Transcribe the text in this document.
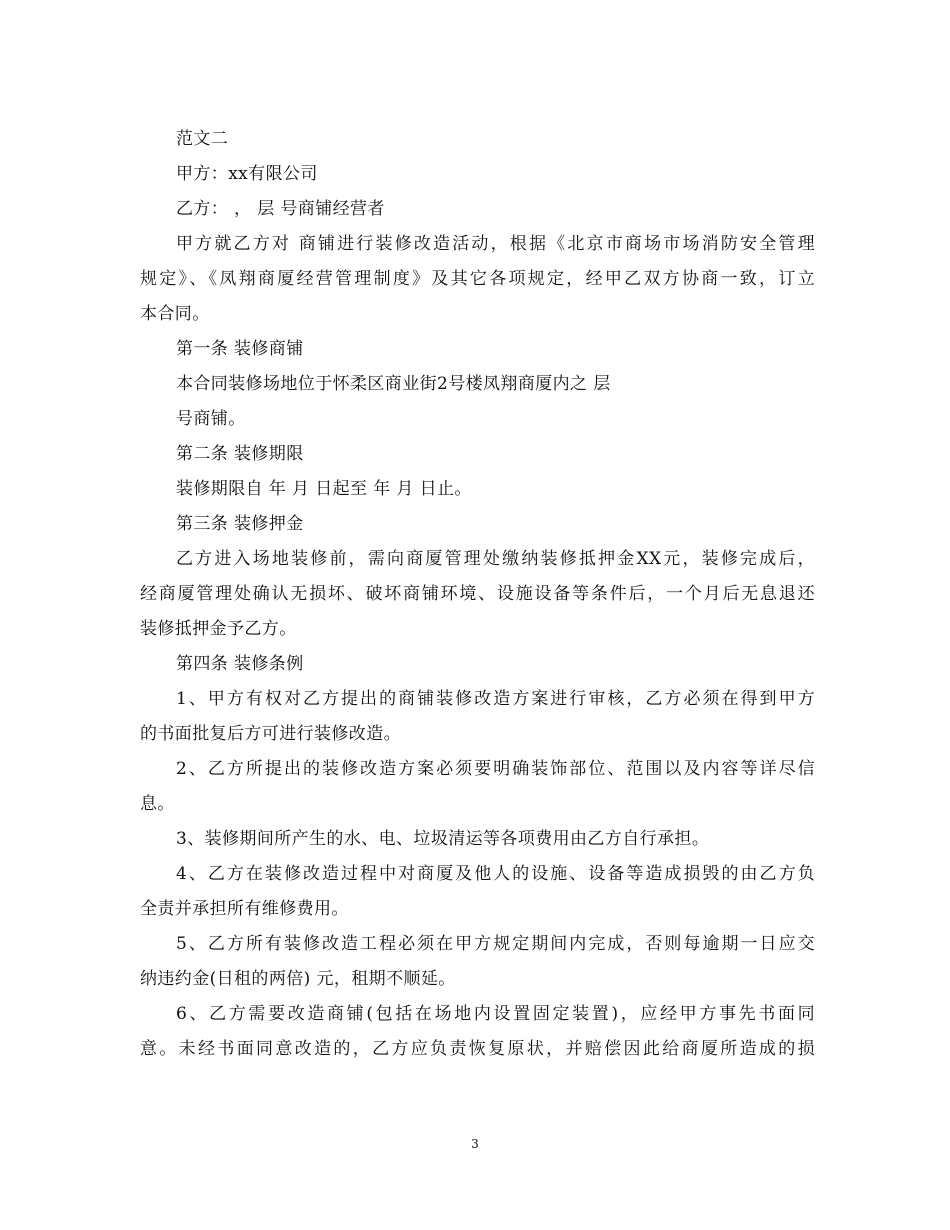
范文二
甲方：xx有限公司
乙方： ， 层 号商铺经营者
甲方就乙方对 商铺进行装修改造活动，根据《北京市商场市场消防安全管理
规定》、《凤翔商厦经营管理制度》及其它各项规定，经甲乙双方协商一致，订立
本合同。
第一条 装修商铺
本合同装修场地位于怀柔区商业街2号楼凤翔商厦内之 层
号商铺。
第二条 装修期限
装修期限自 年 月 日起至 年 月 日止。
第三条 装修押金
乙方进入场地装修前，需向商厦管理处缴纳装修抵押金XX元，装修完成后，
经商厦管理处确认无损坏、破坏商铺环境、设施设备等条件后，一个月后无息退还
装修抵押金予乙方。
第四条 装修条例
1、甲方有权对乙方提出的商铺装修改造方案进行审核，乙方必须在得到甲方
的书面批复后方可进行装修改造。
2、乙方所提出的装修改造方案必须要明确装饰部位、范围以及内容等详尽信
息。
3、装修期间所产生的水、电、垃圾清运等各项费用由乙方自行承担。
4、乙方在装修改造过程中对商厦及他人的设施、设备等造成损毁的由乙方负
全责并承担所有维修费用。
5、乙方所有装修改造工程必须在甲方规定期间内完成，否则每逾期一日应交
纳违约金(日租的两倍) 元，租期不顺延。
6、乙方需要改造商铺(包括在场地内设置固定装置)，应经甲方事先书面同
意。未经书面同意改造的，乙方应负责恢复原状，并赔偿因此给商厦所造成的损
3
